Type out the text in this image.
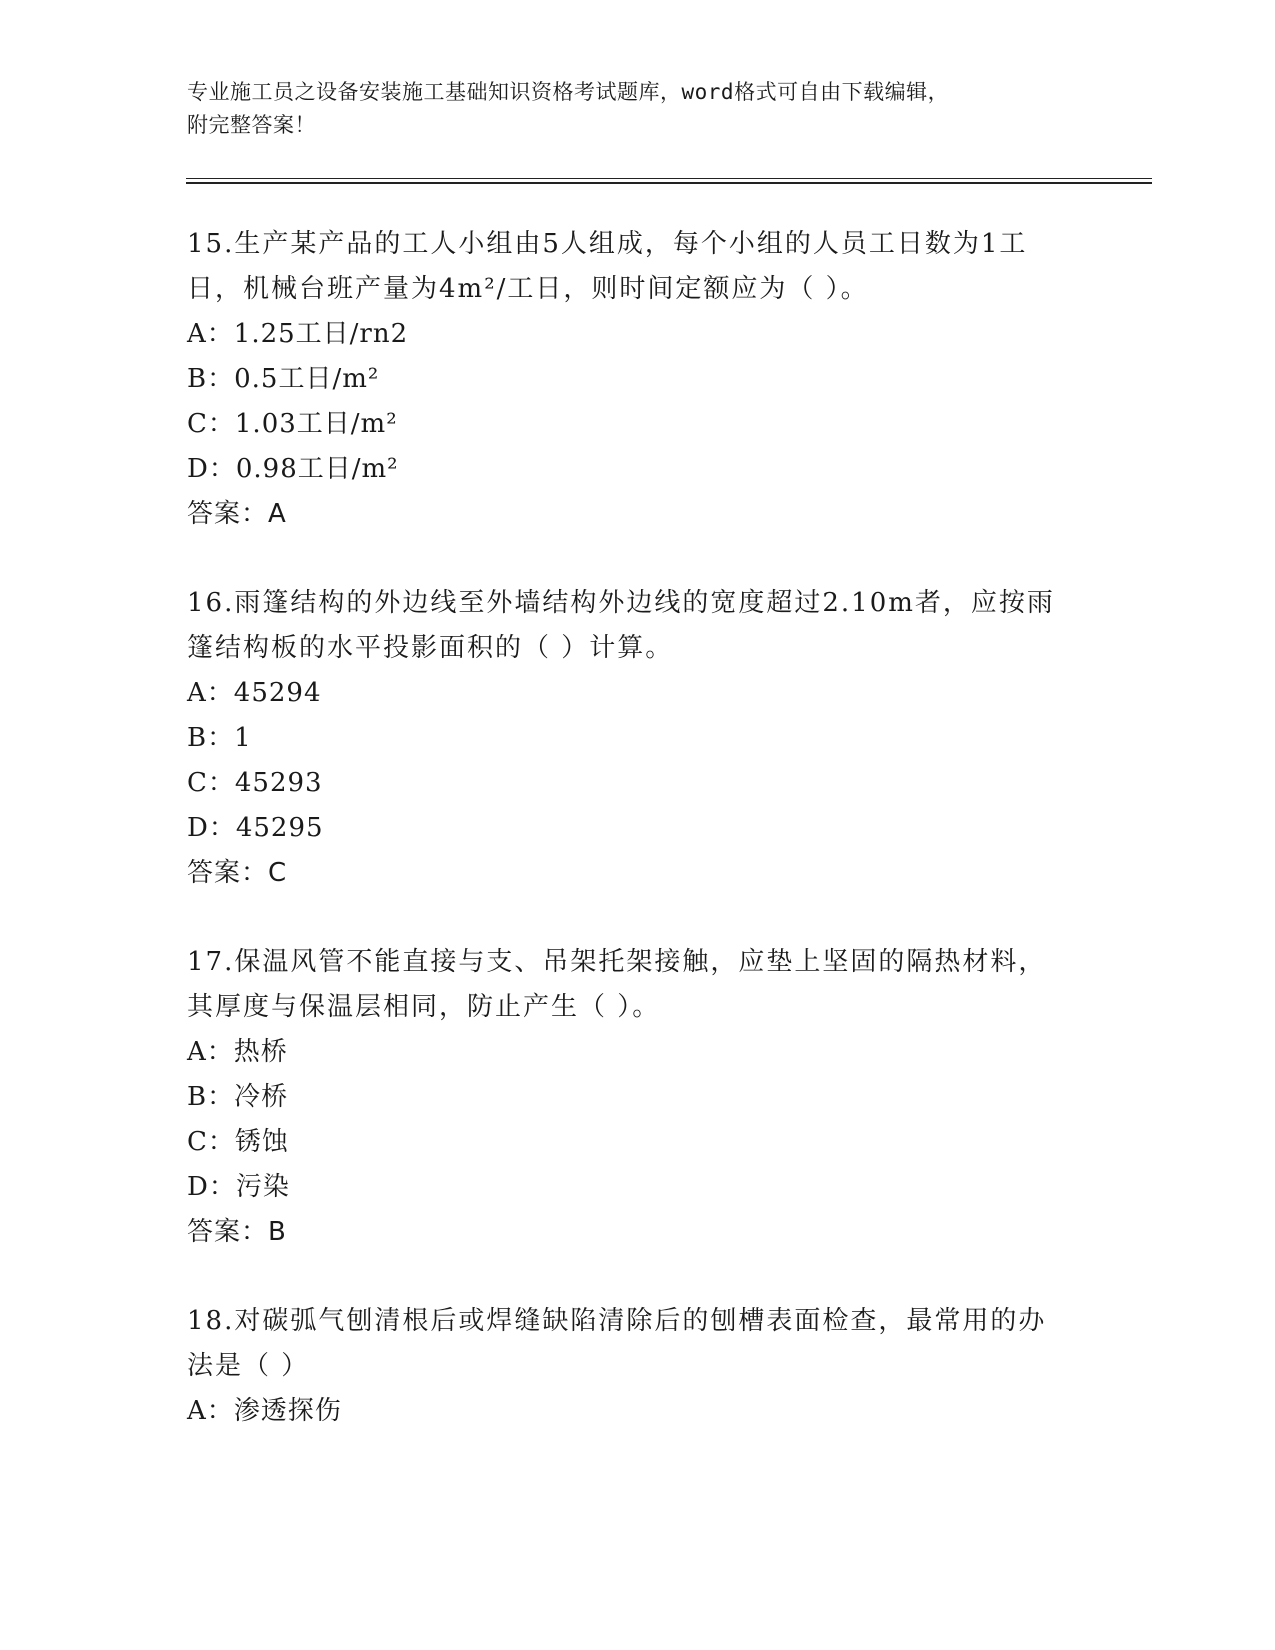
专业施工员之设备安装施工基础知识资格考试题库，word格式可自由下载编辑，
附完整答案！
15.生产某产品的工人小组由5人组成，每个小组的人员工日数为1工
日，机械台班产量为4m²/工日，则时间定额应为（ ）。
A：1.25工日/rn2
B：0.5工日/m²
C：1.03工日/m²
D：0.98工日/m²
答案：A
16.雨篷结构的外边线至外墙结构外边线的宽度超过2.10m者，应按雨
篷结构板的水平投影面积的（ ）计算。
A：45294
B：1
C：45293
D：45295
答案：C
17.保温风管不能直接与支、吊架托架接触，应垫上坚固的隔热材料，
其厚度与保温层相同，防止产生（ ）。
A：热桥
B：冷桥
C：锈蚀
D：污染
答案：B
18.对碳弧气刨清根后或焊缝缺陷清除后的刨槽表面检查，最常用的办
法是（ ）
A：渗透探伤
